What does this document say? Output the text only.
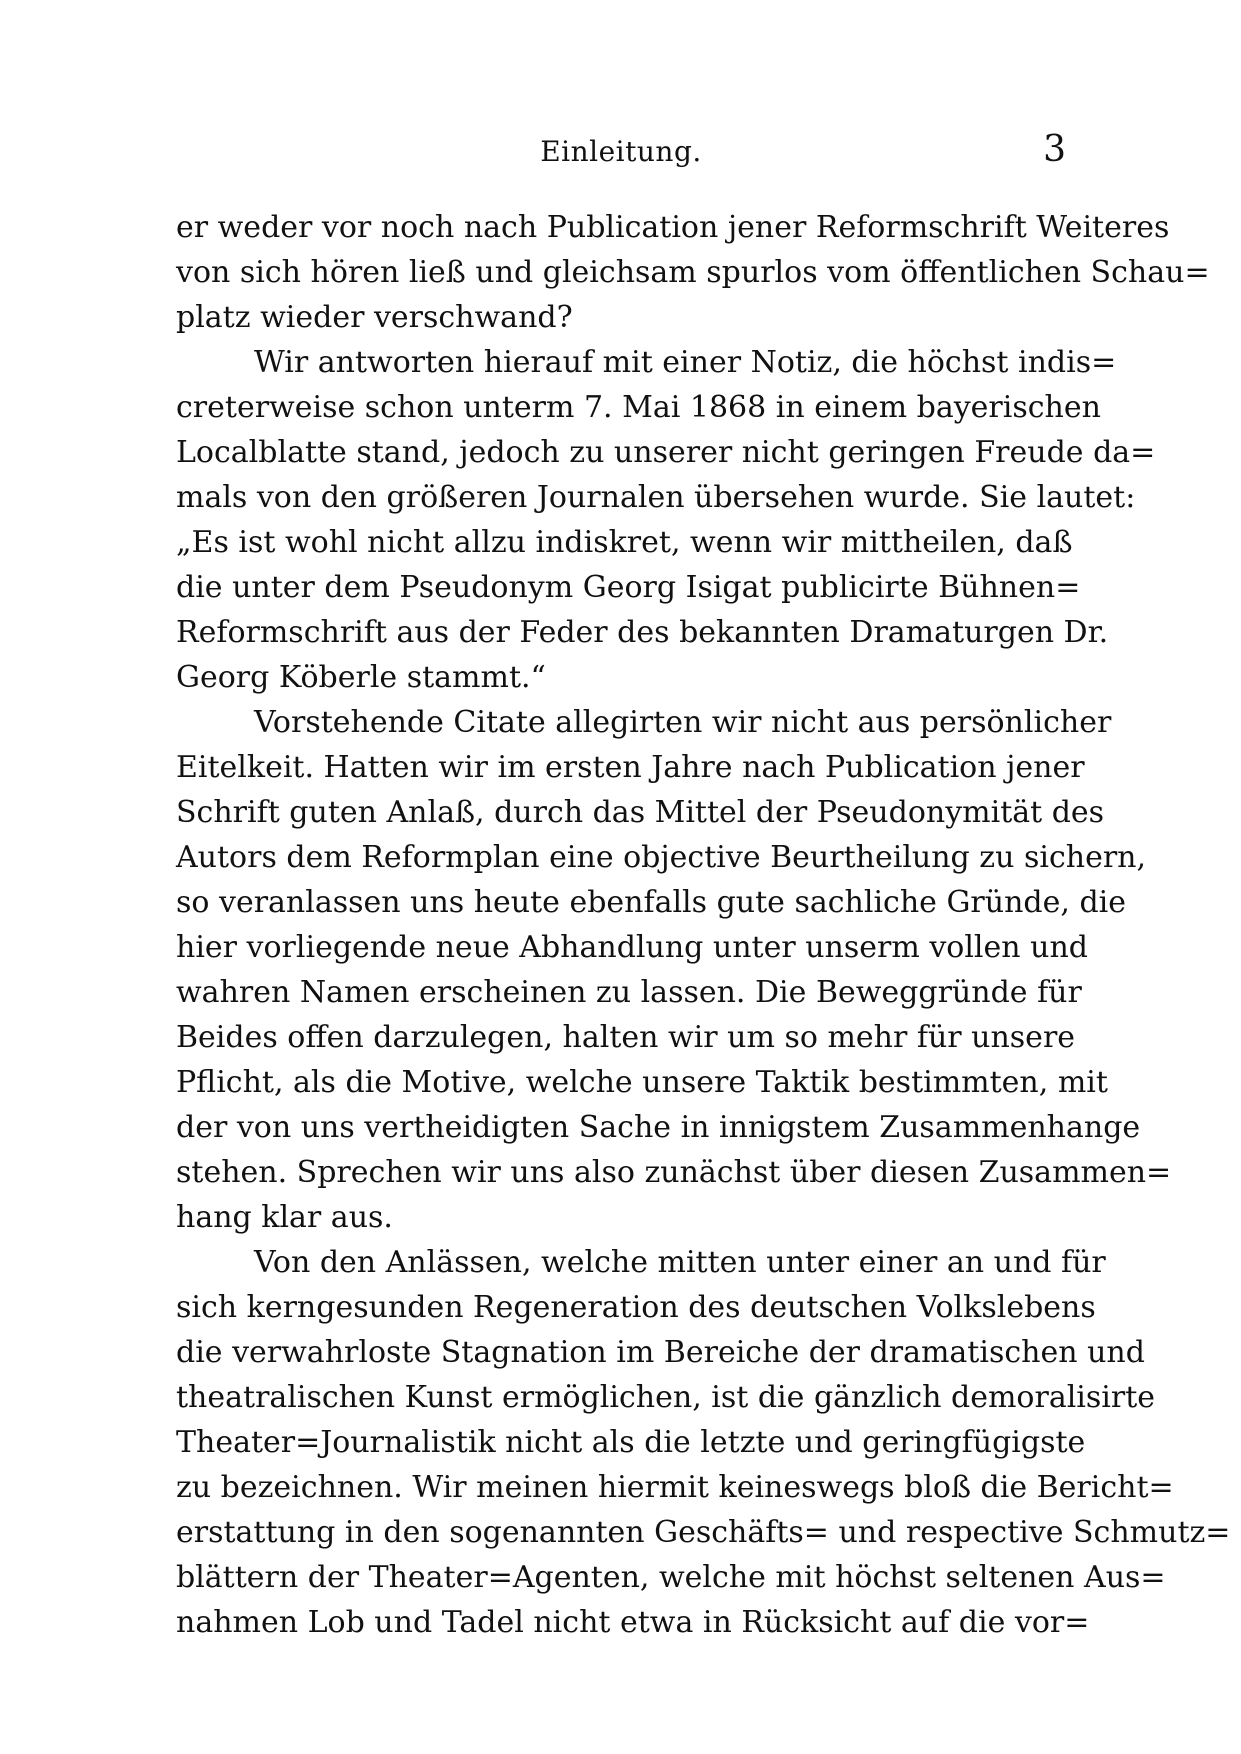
Einleitung.	3
er weder vor noch nach Publication jener Reformschrift Weiteres
von sich hören ließ und gleichsam spurlos vom öffentlichen Schau=
platz wieder verschwand?
Wir antworten hierauf mit einer Notiz, die höchst indis=
creterweise schon unterm 7. Mai 1868 in einem bayerischen
Localblatte stand, jedoch zu unserer nicht geringen Freude da=
mals von den größeren Journalen übersehen wurde. Sie lautet:
„Es ist wohl nicht allzu indiskret, wenn wir mittheilen, daß
die unter dem Pseudonym Georg Isigat publicirte Bühnen=
Reformschrift aus der Feder des bekannten Dramaturgen Dr.
Georg Köberle stammt.“
Vorstehende Citate allegirten wir nicht aus persönlicher
Eitelkeit. Hatten wir im ersten Jahre nach Publication jener
Schrift guten Anlaß, durch das Mittel der Pseudonymität des
Autors dem Reformplan eine objective Beurtheilung zu sichern,
so veranlassen uns heute ebenfalls gute sachliche Gründe, die
hier vorliegende neue Abhandlung unter unserm vollen und
wahren Namen erscheinen zu lassen. Die Beweggründe für
Beides offen darzulegen, halten wir um so mehr für unsere
Pflicht, als die Motive, welche unsere Taktik bestimmten, mit
der von uns vertheidigten Sache in innigstem Zusammenhange
stehen. Sprechen wir uns also zunächst über diesen Zusammen=
hang klar aus.
Von den Anlässen, welche mitten unter einer an und für
sich kerngesunden Regeneration des deutschen Volkslebens
die verwahrloste Stagnation im Bereiche der dramatischen und
theatralischen Kunst ermöglichen, ist die gänzlich demoralisirte
Theater=Journalistik nicht als die letzte und geringfügigste
zu bezeichnen. Wir meinen hiermit keineswegs bloß die Bericht=
erstattung in den sogenannten Geschäfts= und respective Schmutz=
blättern der Theater=Agenten, welche mit höchst seltenen Aus=
nahmen Lob und Tadel nicht etwa in Rücksicht auf die vor=
